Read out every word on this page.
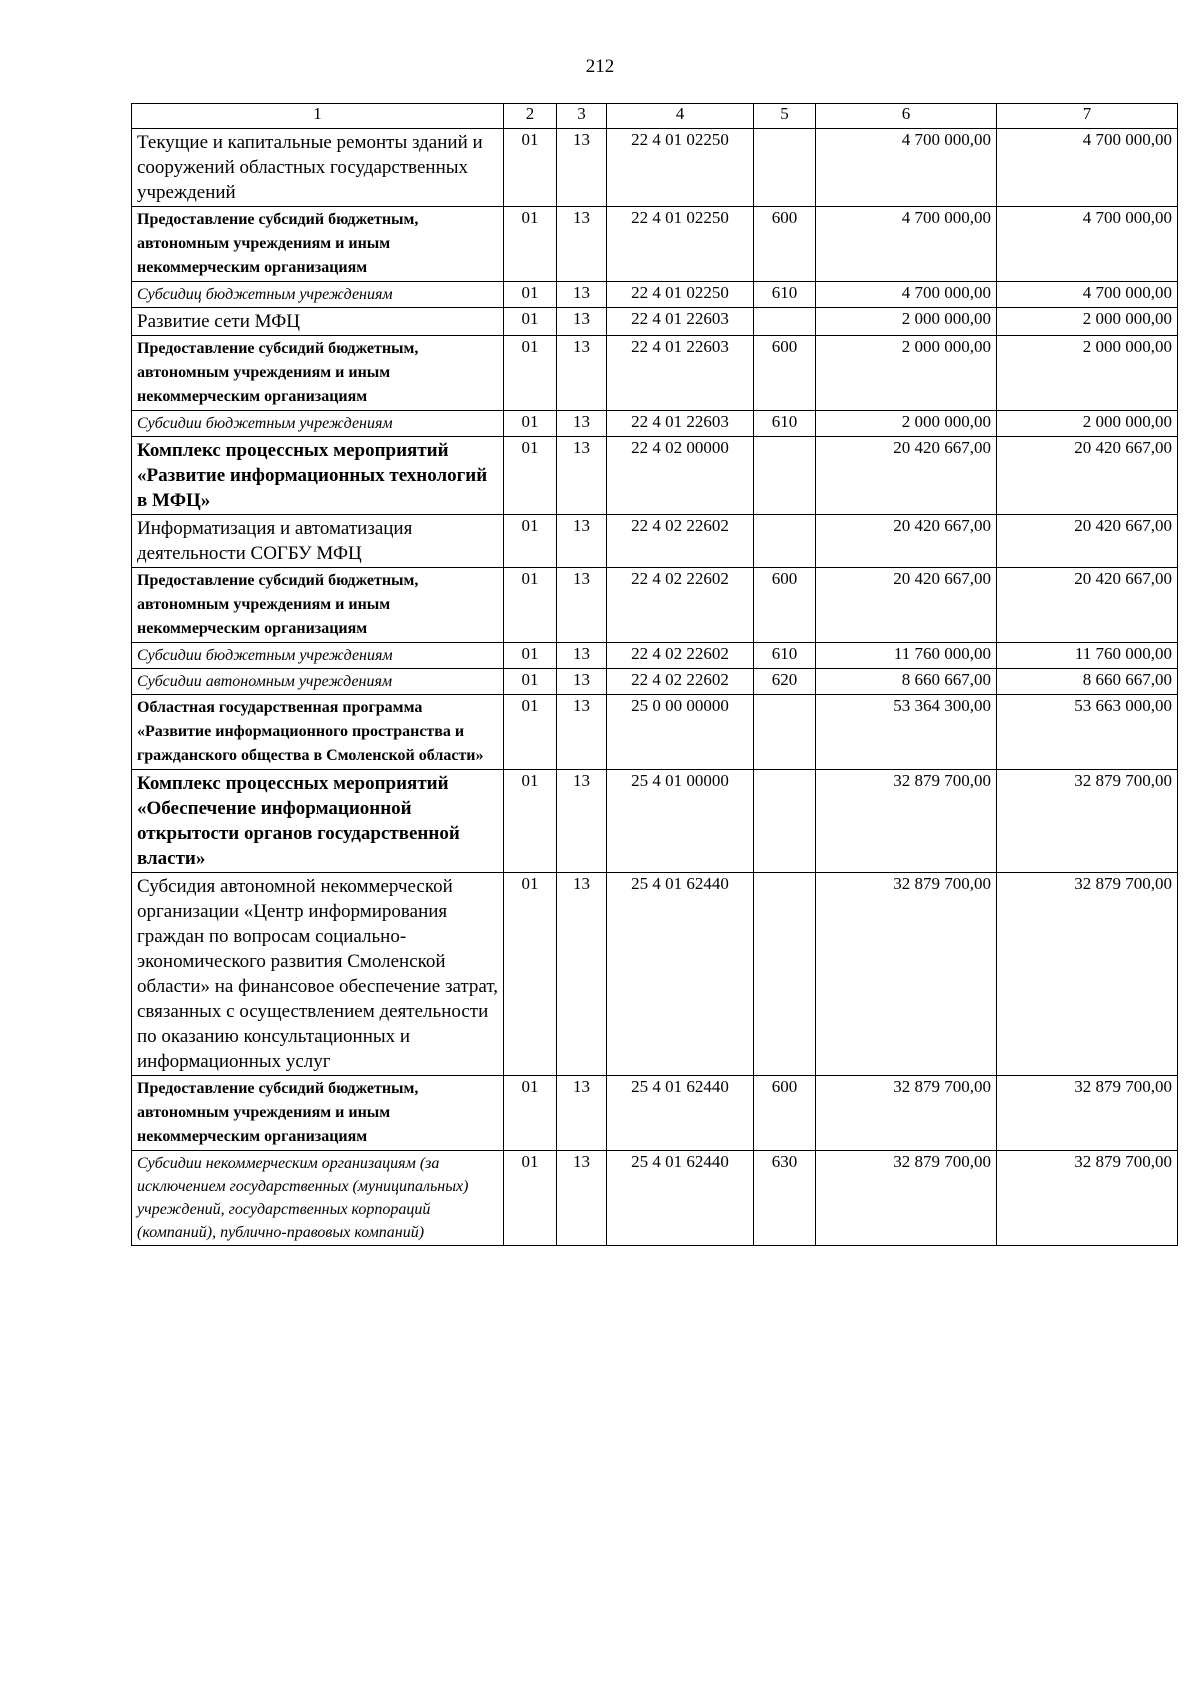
212
1	2	3	4	5	6	7
Текущие и капитальные ремонты зданий и сооружений областных государственных учреждений	01	13	22 4 01 02250		4 700 000,00	4 700 000,00
Предоставление субсидий бюджетным, автономным учреждениям и иным некоммерческим организациям	01	13	22 4 01 02250	600	4 700 000,00	4 700 000,00
Субсидиц бюджетным учреждениям	01	13	22 4 01 02250	610	4 700 000,00	4 700 000,00
Развитие сети МФЦ	01	13	22 4 01 22603		2 000 000,00	2 000 000,00
Предоставление субсидий бюджетным, автономным учреждениям и иным некоммерческим организациям	01	13	22 4 01 22603	600	2 000 000,00	2 000 000,00
Субсидии бюджетным учреждениям	01	13	22 4 01 22603	610	2 000 000,00	2 000 000,00
Комплекс процессных мероприятий «Развитие информационных технологий в МФЦ»	01	13	22 4 02 00000		20 420 667,00	20 420 667,00
Информатизация и автоматизация деятельности СОГБУ МФЦ	01	13	22 4 02 22602		20 420 667,00	20 420 667,00
Предоставление субсидий бюджетным, автономным учреждениям и иным некоммерческим организациям	01	13	22 4 02 22602	600	20 420 667,00	20 420 667,00
Субсидии бюджетным учреждениям	01	13	22 4 02 22602	610	11 760 000,00	11 760 000,00
Субсидии автономным учреждениям	01	13	22 4 02 22602	620	8 660 667,00	8 660 667,00
Областная государственная программа «Развитие информационного пространства и гражданского общества в Смоленской области»	01	13	25 0 00 00000		53 364 300,00	53 663 000,00
Комплекс процессных мероприятий «Обеспечение информационной открытости органов государственной власти»	01	13	25 4 01 00000		32 879 700,00	32 879 700,00
Субсидия автономной некоммерческой организации «Центр информирования граждан по вопросам социально-экономического развития Смоленской области» на финансовое обеспечение затрат, связанных с осуществлением деятельности по оказанию консультационных и информационных услуг	01	13	25 4 01 62440		32 879 700,00	32 879 700,00
Предоставление субсидий бюджетным, автономным учреждениям и иным некоммерческим организациям	01	13	25 4 01 62440	600	32 879 700,00	32 879 700,00
Субсидии некоммерческим организациям (за исключением государственных (муниципальных) учреждений, государственных корпораций (компаний), публично-правовых компаний)	01	13	25 4 01 62440	630	32 879 700,00	32 879 700,00
